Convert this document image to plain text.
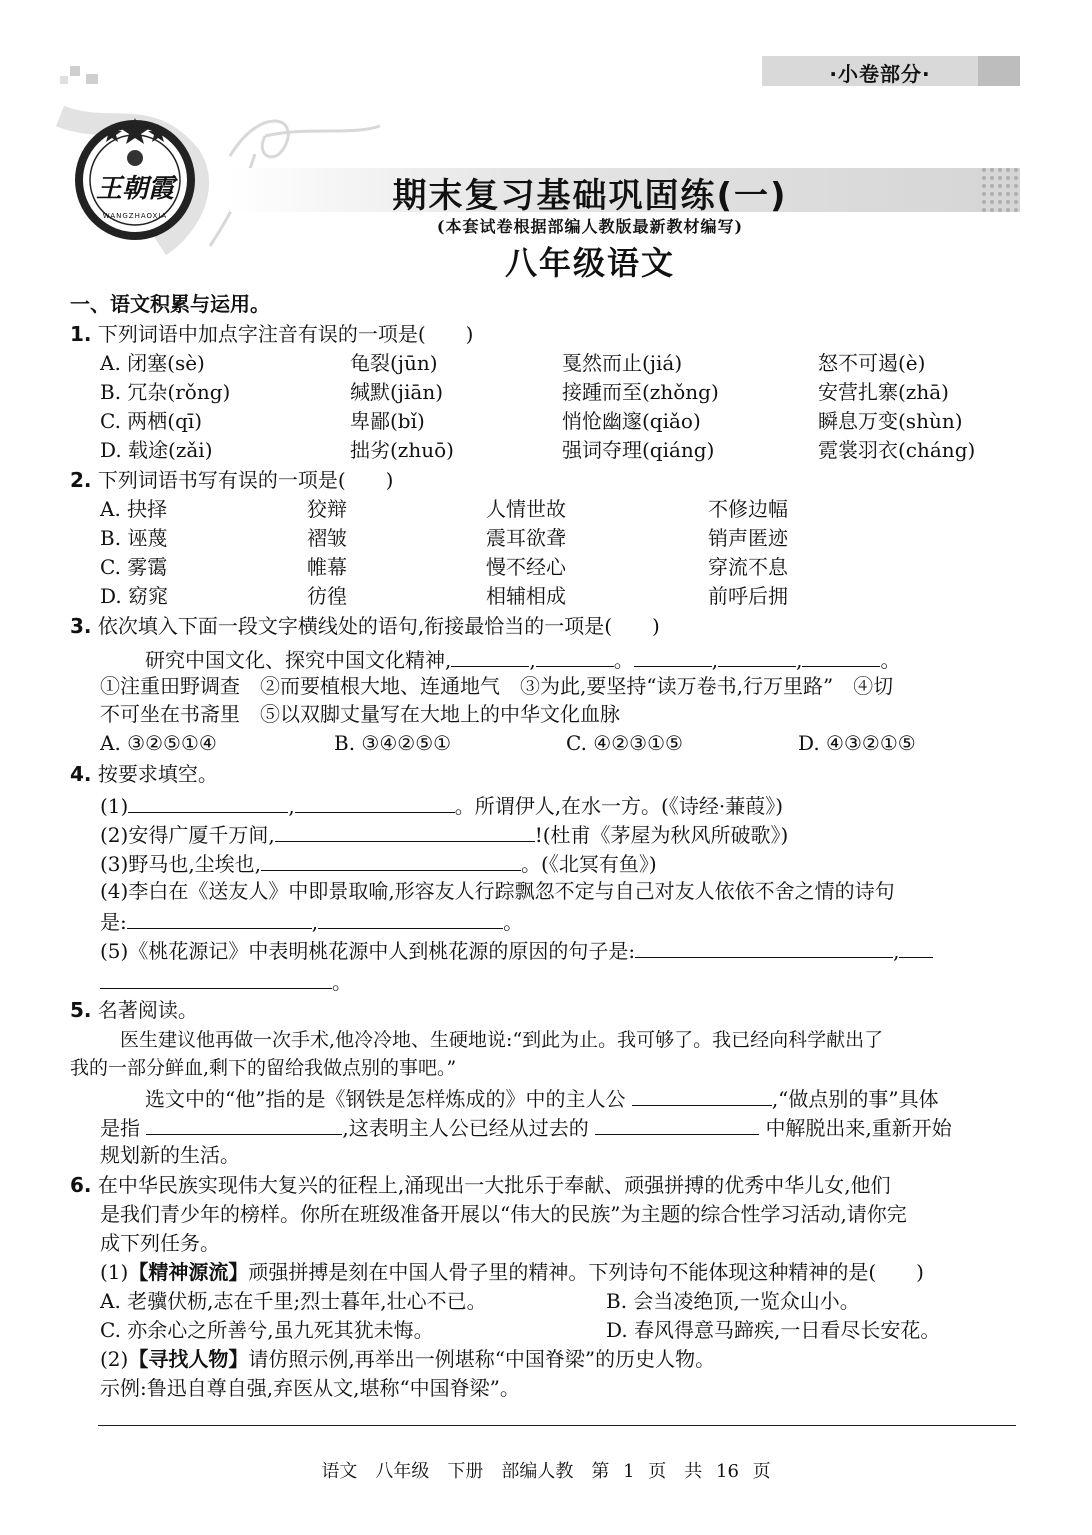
·小卷部分·
王朝霞
WANGZHAOXIA	期末复习基础巩固练(一)
(本套试卷根据部编人教版最新教材编写)
八年级语文
一、语文积累与运用。
1. 下列词语中加点字注音有误的一项是(　　)
A. 闭塞(sè)	龟裂(jūn)	戛然而止(jiá)	怒不可遏(è)
B. 冗杂(rǒng)	缄默(jiān)	接踵而至(zhǒng)	安营扎寨(zhā)
C. 两栖(qī)	卑鄙(bǐ)	悄怆幽邃(qiǎo)	瞬息万变(shùn)
D. 载途(zǎi)	拙劣(zhuō)	强词夺理(qiáng)	霓裳羽衣(cháng)
2. 下列词语书写有误的一项是(　　)
A. 抉择	狡辩	人情世故	不修边幅
B. 诬蔑	褶皱	震耳欲聋	销声匿迹
C. 雾霭	帷幕	慢不经心	穿流不息
D. 窈窕	彷徨	相辅相成	前呼后拥
3. 依次填入下面一段文字横线处的语句,衔接最恰当的一项是(　　)
研究中国文化、探究中国文化精神,	,	。	,	,	。
①注重田野调查　②而要植根大地、连通地气　③为此,要坚持“读万卷书,行万里路”　④切
不可坐在书斋里　⑤以双脚丈量写在大地上的中华文化血脉
A. ③②⑤①④	B. ③④②⑤①	C. ④②③①⑤	D. ④③②①⑤
4. 按要求填空。
(1)	,	。所谓伊人,在水一方。(《诗经·蒹葭》)
(2)安得广厦千万间,	!(杜甫《茅屋为秋风所破歌》)
(3)野马也,尘埃也,	。(《北冥有鱼》)
(4)李白在《送友人》中即景取喻,形容友人行踪飘忽不定与自己对友人依依不舍之情的诗句
是:	,	。
(5)《桃花源记》中表明桃花源中人到桃花源的原因的句子是:	,
。
5. 名著阅读。
医生建议他再做一次手术,他冷冷地、生硬地说:“到此为止。我可够了。我已经向科学献出了
我的一部分鲜血,剩下的留给我做点别的事吧。”
选文中的“他”指的是《钢铁是怎样炼成的》中的主人公	,“做点别的事”具体
是指	,这表明主人公已经从过去的	中解脱出来,重新开始
规划新的生活。
6. 在中华民族实现伟大复兴的征程上,涌现出一大批乐于奉献、顽强拼搏的优秀中华儿女,他们
是我们青少年的榜样。你所在班级准备开展以“伟大的民族”为主题的综合性学习活动,请你完
成下列任务。
(1)【精神源流】顽强拼搏是刻在中国人骨子里的精神。下列诗句不能体现这种精神的是(　　)
A. 老骥伏枥,志在千里;烈士暮年,壮心不已。	B. 会当凌绝顶,一览众山小。
C. 亦余心之所善兮,虽九死其犹未悔。	D. 春风得意马蹄疾,一日看尽长安花。
(2)【寻找人物】请仿照示例,再举出一例堪称“中国脊梁”的历史人物。
示例:鲁迅自尊自强,弃医从文,堪称“中国脊梁”。
语文　八年级　下册　部编人教　第 1 页　共 16 页
